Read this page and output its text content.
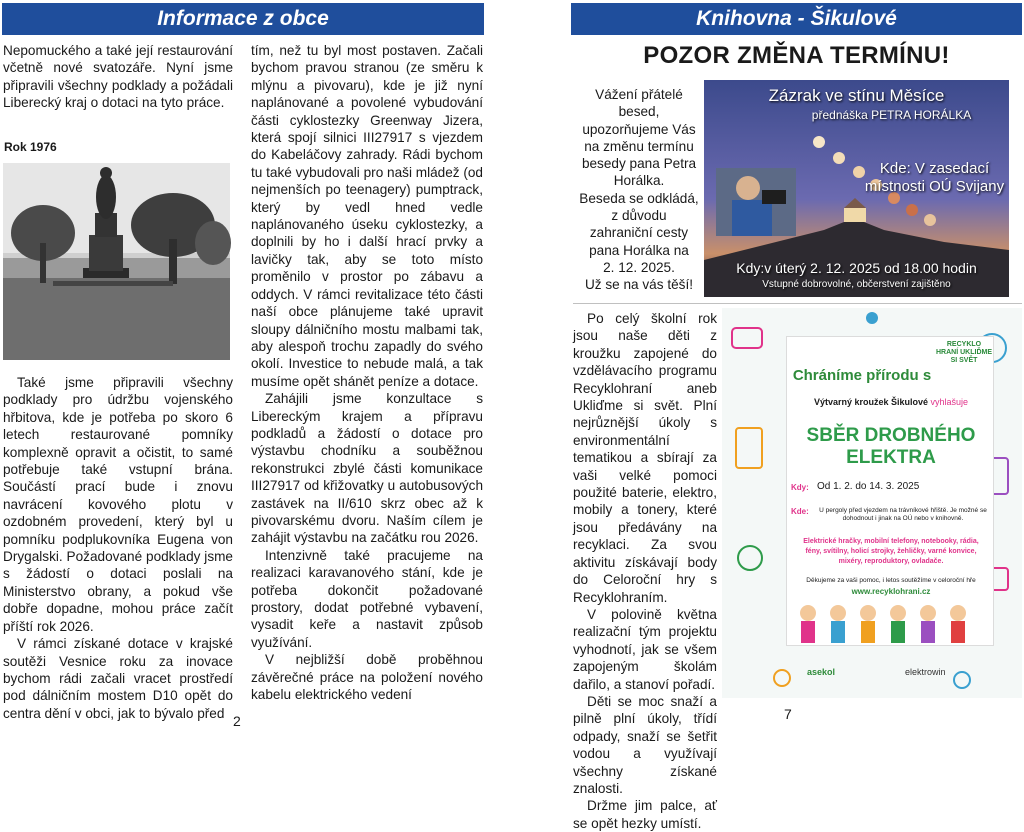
Informace z obce

Nepomuckého a také její restaurování včetně nové svatozáře. Nyní jsme připravili všechny podklady a požádali Liberecký kraj o dotaci na tyto práce.

Rok 1976

Také jsme připravili všechny podklady pro údržbu vojenského hřbitova, kde je potřeba po skoro 6 letech restaurované pomníky komplexně opravit a očistit, to samé potřebuje také vstupní brána. Součástí prací bude i znovu navrácení kovového plotu v ozdobném provedení, který byl u pomníku podplukovníka Eugena von Drygalski. Požadované podklady jsme s žádostí o dotaci poslali na Ministerstvo obrany, a pokud vše dobře dopadne, mohou práce začít příští rok 2026.

V rámci získané dotace v krajské soutěži Vesnice roku za inovace bychom rádi začali vracet prostředí pod dálničním mostem D10 opět do centra dění v obci, jak to bývalo před

tím, než tu byl most postaven. Začali bychom pravou stranou (ze směru k mlýnu a pivovaru), kde je již nyní naplánované a povolené vybudování části cyklostezky Greenway Jizera, která spojí silnici III27917 s vjezdem do Kabeláčovy zahrady. Rádi bychom tu také vybudovali pro naši mládež (od nejmenších po teenagery) pumptrack, který by vedl hned vedle naplánovaného úseku cyklostezky, a doplnili by ho i další hrací prvky a lavičky tak, aby se toto místo proměnilo v prostor po zábavu a oddych. V rámci revitalizace této části naší obce plánujeme také upravit sloupy dálničního mostu malbami tak, aby alespoň trochu zapadly do svého okolí. Investice to nebude malá, a tak musíme opět shánět peníze a dotace.

Zahájili jsme konzultace s Libereckým krajem a přípravu podkladů a žádostí o dotace pro výstavbu chodníku a souběžnou rekonstrukci zbylé části komunikace III27917 od křižovatky u autobusových zastávek na II/610 skrz obec až k pivovarskému dvoru. Naším cílem je zahájit výstavbu na začátku rou 2026.

Intenzivně také pracujeme na realizaci karavanového stání, kde je potřeba dokončit požadované prostory, dodat potřebné vybavení, vysadit keře a nastavit způsob využívání.

V nejbližší době proběhnou závěrečné práce na položení nového kabelu elektrického vedení

2
Knihovna - Šikulové
POZOR ZMĚNA TERMÍNU!
Vážení přátelé
besed,
upozorňujeme Vás
na změnu termínu
besedy pana Petra
Horálka.
Beseda se odkládá,
z důvodu
zahraniční cesty
pana Horálka na
2. 12. 2025.
Už se na vás těší!
Zázrak ve stínu Měsíce
přednáška PETRA HORÁLKA
Kde: V zasedací místnosti OÚ Svijany
Kdy:v úterý 2. 12. 2025 od 18.00 hodin
Vstupné dobrovolné, občerstvení zajištěno

Po celý školní rok jsou naše děti z kroužku zapojené do vzdělávacího programu Recyklohraní aneb Ukliďme si svět. Plní nejrůznější úkoly s environmentální tematikou a sbírají za vaši velké pomoci použité baterie, elektro, mobily a tonery, které jsou předávány na recyklaci. Za svou aktivitu získávají body do Celoroční hry s Recyklohraním.

V polovině května realizační tým projektu vyhodnotí, jak se všem zapojeným školám dařilo, a stanoví pořadí.

Děti se moc snaží a pilně plní úkoly, třídí odpady, snaží se šetřit vodou a využívají všechny získané znalosti.

Držme jim palce, ať se opět hezky umístí.

RECYKLO HRANÍ UKLIĎME SI SVĚT
Chráníme přírodu s
Výtvarný kroužek Šikulové vyhlašuje
SBĚR DROBNÉHO ELEKTRA
Kdy: Od 1. 2. do 14. 3. 2025
Kde:	U pergoly před vjezdem na trávníkové hřiště. Je možné se dohodnout i jinak na OÚ nebo v knihovně.
Elektrické hračky, mobilní telefony, notebooky, rádia, fény, svítilny, holicí strojky, žehličky, varné konvice, mixéry, reproduktory, ovladače.
Děkujeme za vaši pomoc, i letos soutěžíme v celoroční hře
www.recyklohrani.cz
asekol	elektrowin
7
